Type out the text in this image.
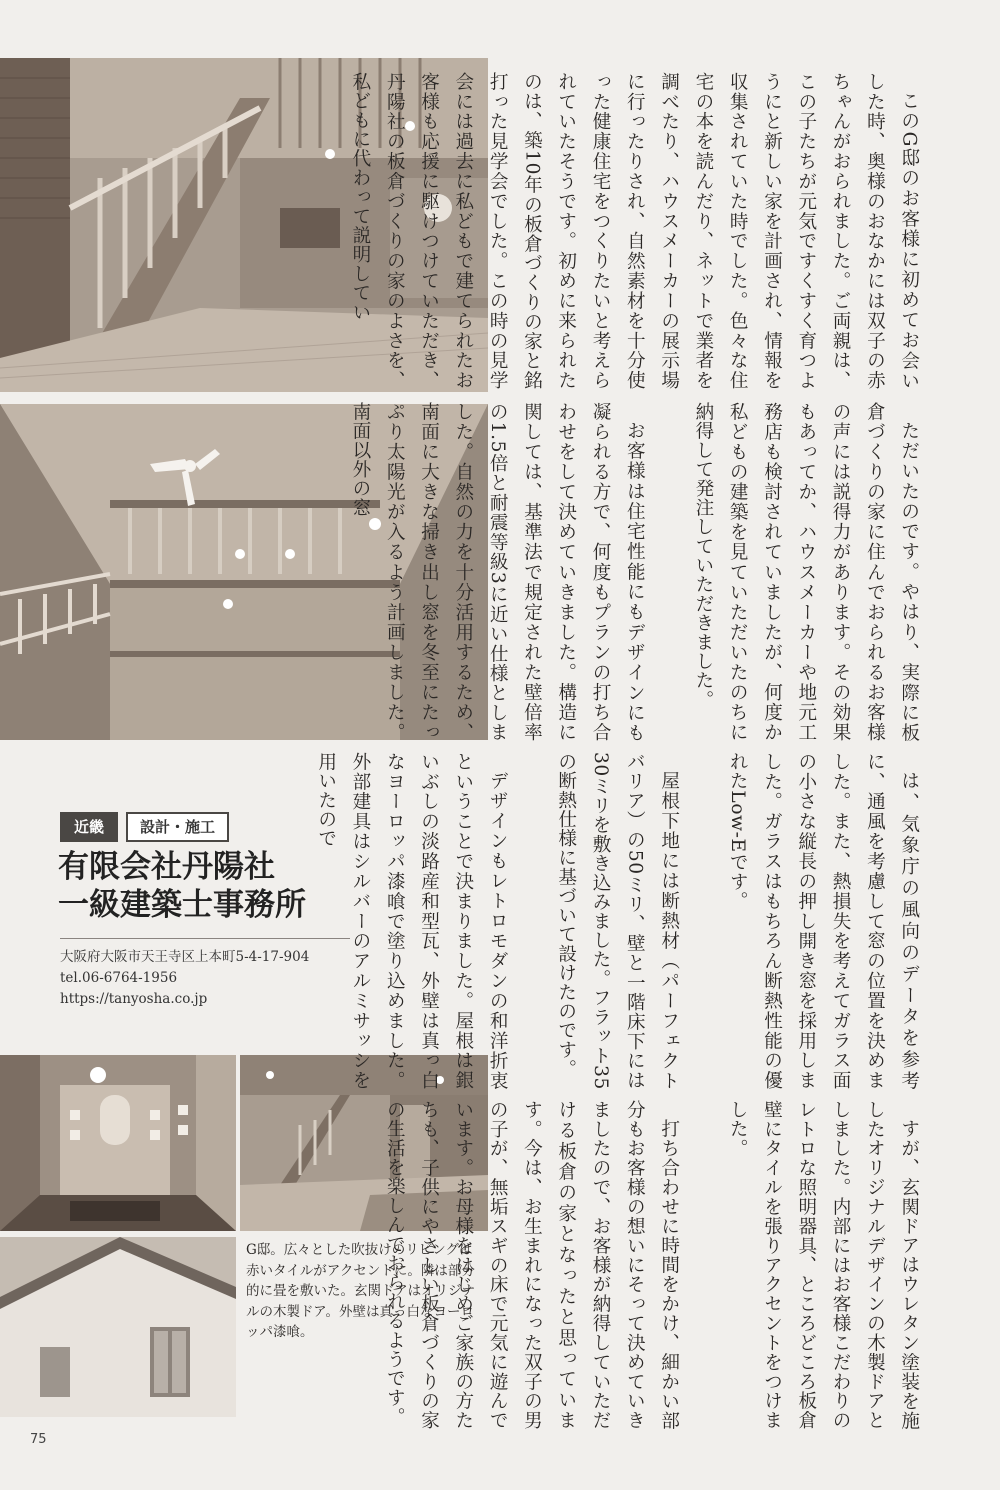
このG邸のお客様に初めてお会いした時、奥様のおなかには双子の赤ちゃんがおられました。ご両親は、この子たちが元気ですくすく育つようにと新しい家を計画され、情報を収集されていた時でした。色々な住宅の本を読んだり、ネットで業者を調べたり、ハウスメーカーの展示場に行ったりされ、自然素材を十分使った健康住宅をつくりたいと考えられていたそうです。初めに来られたのは、築10年の板倉づくりの家と銘打った見学会でした。この時の見学会には過去に私どもで建てられたお客様も応援に駆けつけていただき、丹陽社の板倉づくりの家のよさを、私どもに代わって説明してい

ただいたのです。やはり、実際に板倉づくりの家に住んでおられるお客様の声には説得力があります。その効果もあってか、ハウスメーカーや地元工務店も検討されていましたが、何度か私どもの建築を見ていただいたのちに納得して発注していただきました。

お客様は住宅性能にもデザインにも凝られる方で、何度もプランの打ち合わせをして決めていきました。構造に関しては、基準法で規定された壁倍率の1.5倍と耐震等級3に近い仕様としました。自然の力を十分活用するため、南面に大きな掃き出し窓を冬至にたっぷり太陽光が入るよう計画しました。南面以外の窓

は、気象庁の風向のデータを参考に、通風を考慮して窓の位置を決めました。また、熱損失を考えてガラス面の小さな縦長の押し開き窓を採用しました。ガラスはもちろん断熱性能の優れたLow-Eです。

屋根下地には断熱材（パーフェクトバリア）の50ミリ、壁と一階床下には30ミリを敷き込みました。フラット35の断熱仕様に基づいて設けたのです。

デザインもレトロモダンの和洋折衷ということで決まりました。屋根は銀いぶしの淡路産和型瓦、外壁は真っ白なヨーロッパ漆喰で塗り込めました。外部建具はシルバーのアルミサッシを用いたので

すが、玄関ドアはウレタン塗装を施したオリジナルデザインの木製ドアとしました。内部にはお客様こだわりのレトロな照明器具、ところどころ板倉壁にタイルを張りアクセントをつけました。

打ち合わせに時間をかけ、細かい部分もお客様の想いにそって決めていきましたので、お客様が納得していただける板倉の家となったと思っています。今は、お生まれになった双子の男の子が、無垢スギの床で元気に遊んでいます。お母様をはじめご家族の方たちも、子供にやさしい板倉づくりの家の生活を楽しんでおられるようです。

近畿	設計・施工
有限会社丹陽社
一級建築士事務所
大阪府大阪市天王寺区上本町5-4-17-904
tel.06-6764-1956
https://tanyosha.co.jp
G邸。広々とした吹抜けのリビングは赤いタイルがアクセントに。隣は部分的に畳を敷いた。玄関ドアはオリジナルの木製ドア。外壁は真っ白なヨーロッパ漆喰。
75
